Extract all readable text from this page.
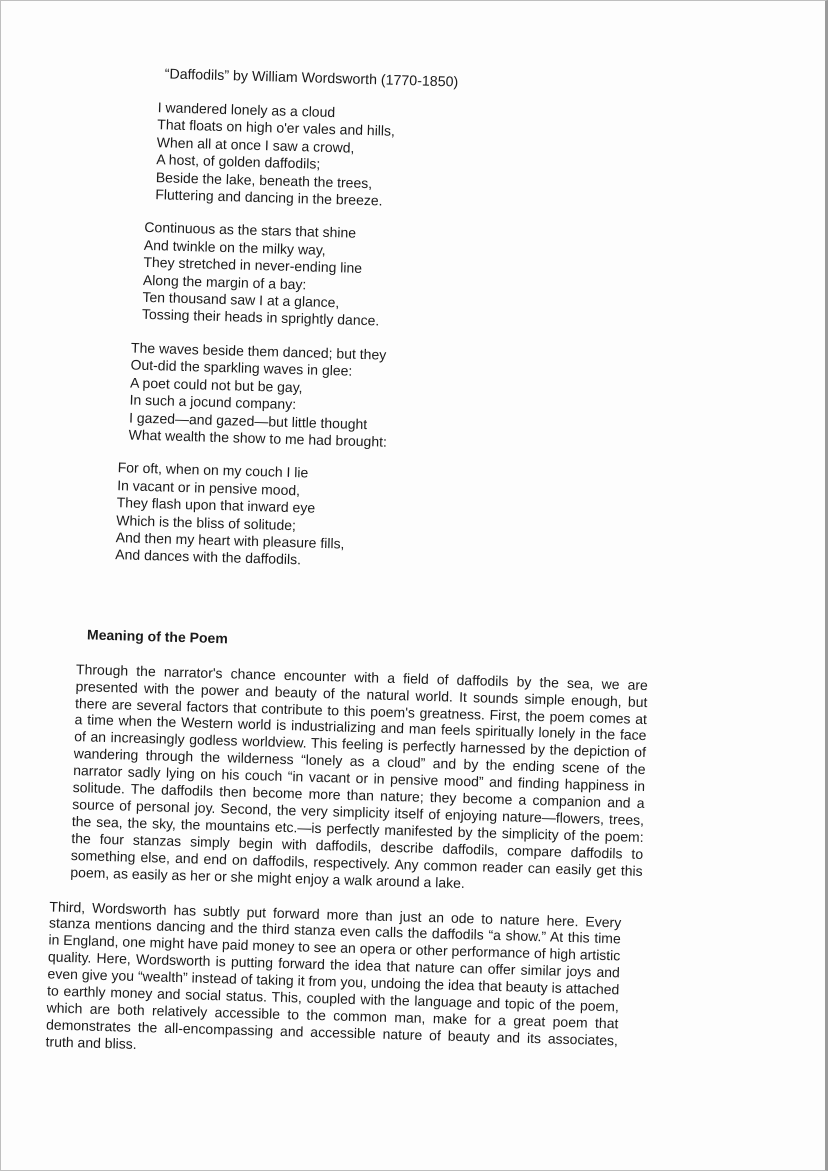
“Daffodils” by William Wordsworth (1770-1850)
I wandered lonely as a cloud
That floats on high o'er vales and hills,
When all at once I saw a crowd,
A host, of golden daffodils;
Beside the lake, beneath the trees,
Fluttering and dancing in the breeze.
Continuous as the stars that shine
And twinkle on the milky way,
They stretched in never-ending line
Along the margin of a bay:
Ten thousand saw I at a glance,
Tossing their heads in sprightly dance.
The waves beside them danced; but they
Out-did the sparkling waves in glee:
A poet could not but be gay,
In such a jocund company:
I gazed—and gazed—but little thought
What wealth the show to me had brought:
For oft, when on my couch I lie
In vacant or in pensive mood,
They flash upon that inward eye
Which is the bliss of solitude;
And then my heart with pleasure fills,
And dances with the daffodils.
Meaning of the Poem

Through the narrator's chance encounter with a field of daffodils by the sea, we are presented with the power and beauty of the natural world. It sounds simple enough, but there are several factors that contribute to this poem's greatness. First, the poem comes at a time when the Western world is industrializing and man feels spiritually lonely in the face of an increasingly godless worldview. This feeling is perfectly harnessed by the depiction of wandering through the wilderness “lonely as a cloud” and by the ending scene of the narrator sadly lying on his couch “in vacant or in pensive mood” and finding happiness in solitude. The daffodils then become more than nature; they become a companion and a source of personal joy. Second, the very simplicity itself of enjoying nature—flowers, trees, the sea, the sky, the mountains etc.—is perfectly manifested by the simplicity of the poem: the four stanzas simply begin with daffodils, describe daffodils, compare daffodils to something else, and end on daffodils, respectively. Any common reader can easily get this poem, as easily as her or she might enjoy a walk around a lake.

Third, Wordsworth has subtly put forward more than just an ode to nature here. Every stanza mentions dancing and the third stanza even calls the daffodils “a show.” At this time in England, one might have paid money to see an opera or other performance of high artistic quality. Here, Wordsworth is putting forward the idea that nature can offer similar joys and even give you “wealth” instead of taking it from you, undoing the idea that beauty is attached to earthly money and social status. This, coupled with the language and topic of the poem, which are both relatively accessible to the common man, make for a great poem that demonstrates the all-encompassing and accessible nature of beauty and its associates, truth and bliss.
